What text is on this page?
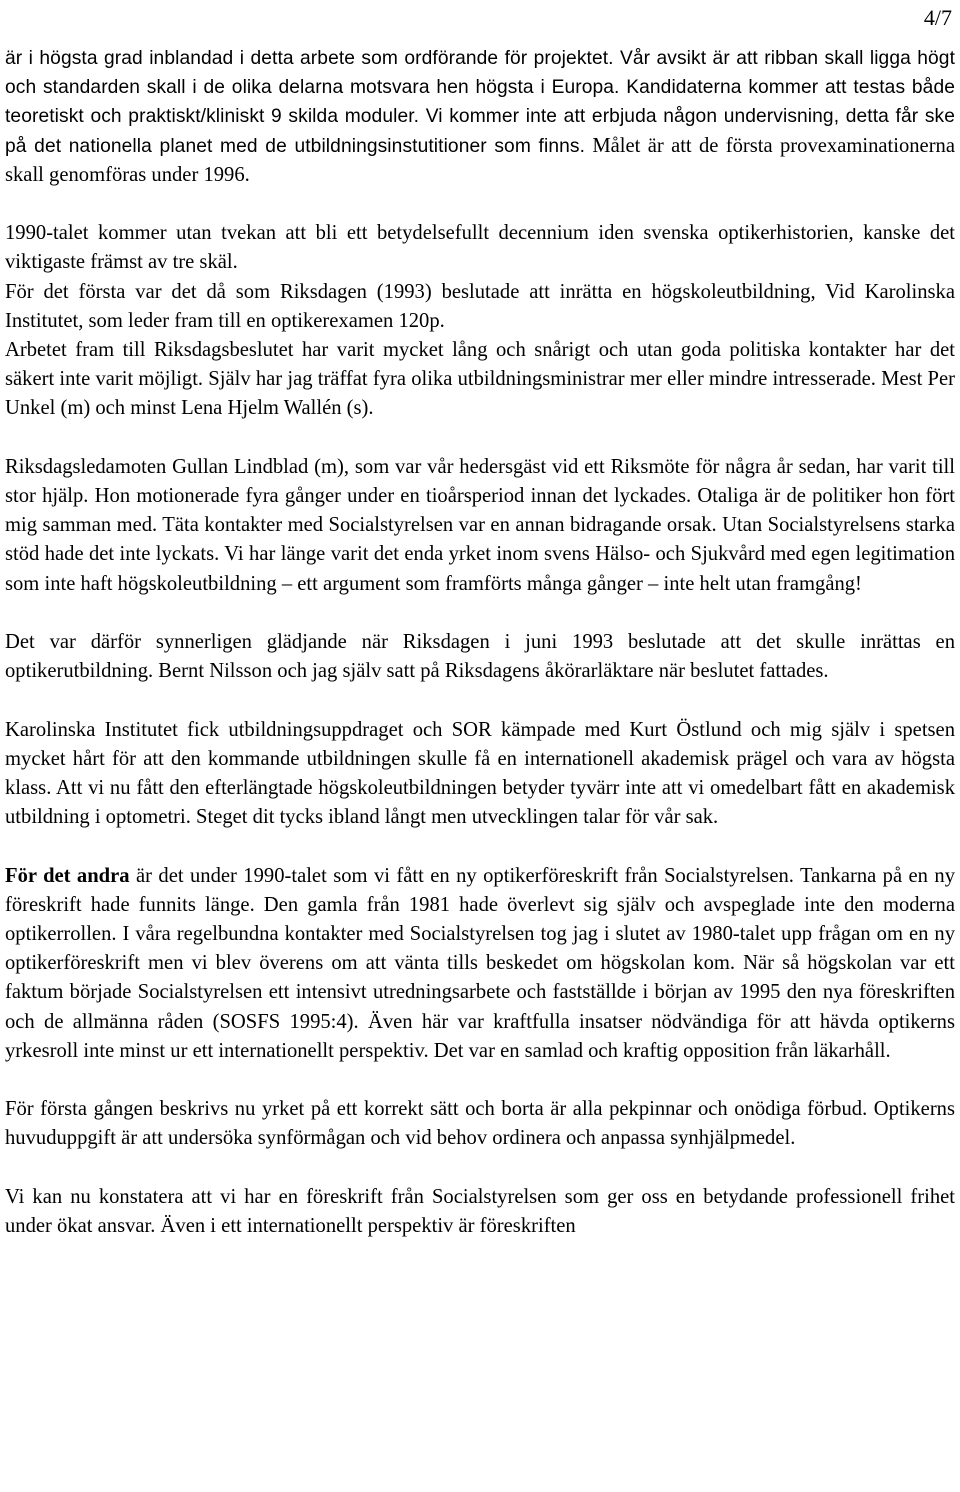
4/7

är i högsta grad inblandad i detta arbete som ordförande för projektet. Vår avsikt är att ribban skall ligga högt och standarden skall i de olika delarna motsvara hen högsta i Europa. Kandidaterna kommer att testas både teoretiskt och praktiskt/kliniskt 9 skilda moduler. Vi kommer inte att erbjuda någon undervisning, detta får ske på det nationella planet med de utbildningsinstutitioner som finns. Målet är att de första provexaminationerna skall genomföras under 1996.

1990-talet kommer utan tvekan att bli ett betydelsefullt decennium iden svenska optikerhistorien, kanske det viktigaste främst av tre skäl.

För det första var det då som Riksdagen (1993) beslutade att inrätta en högskoleutbildning, Vid Karolinska Institutet, som leder fram till en optikerexamen 120p.

Arbetet fram till Riksdagsbeslutet har varit mycket lång och snårigt och utan goda politiska kontakter har det säkert inte varit möjligt. Själv har jag träffat fyra olika utbildningsministrar mer eller mindre intresserade. Mest Per Unkel (m) och minst Lena Hjelm Wallén (s).

Riksdagsledamoten Gullan Lindblad (m), som var vår hedersgäst vid ett Riksmöte för några år sedan, har varit till stor hjälp. Hon motionerade fyra gånger under en tioårsperiod innan det lyckades. Otaliga är de politiker hon fört mig samman med. Täta kontakter med Socialstyrelsen var en annan bidragande orsak. Utan Socialstyrelsens starka stöd hade det inte lyckats. Vi har länge varit det enda yrket inom svens Hälso- och Sjukvård med egen legitimation som inte haft högskoleutbildning – ett argument som framförts många gånger – inte helt utan framgång!

Det var därför synnerligen glädjande när Riksdagen i juni 1993 beslutade att det skulle inrättas en optikerutbildning. Bernt Nilsson och jag själv satt på Riksdagens åkörarläktare när beslutet fattades.

Karolinska Institutet fick utbildningsuppdraget och SOR kämpade med Kurt Östlund och mig själv i spetsen mycket hårt för att den kommande utbildningen skulle få en internationell akademisk prägel och vara av högsta klass. Att vi nu fått den efterlängtade högskoleutbildningen betyder tyvärr inte att vi omedelbart fått en akademisk utbildning i optometri. Steget dit tycks ibland långt men utvecklingen talar för vår sak.

För det andra är det under 1990-talet som vi fått en ny optikerföreskrift från Socialstyrelsen. Tankarna på en ny föreskrift hade funnits länge. Den gamla från 1981 hade överlevt sig själv och avspeglade inte den moderna optikerrollen. I våra regelbundna kontakter med Socialstyrelsen tog jag i slutet av 1980-talet upp frågan om en ny optikerföreskrift men vi blev överens om att vänta tills beskedet om högskolan kom. När så högskolan var ett faktum började Socialstyrelsen ett intensivt utredningsarbete och fastställde i början av 1995 den nya föreskriften och de allmänna råden (SOSFS 1995:4). Även här var kraftfulla insatser nödvändiga för att hävda optikerns yrkesroll inte minst ur ett internationellt perspektiv. Det var en samlad och kraftig opposition från läkarhåll.

För första gången beskrivs nu yrket på ett korrekt sätt och borta är alla pekpinnar och onödiga förbud. Optikerns huvuduppgift är att undersöka synförmågan och vid behov ordinera och anpassa synhjälpmedel.

Vi kan nu konstatera att vi har en föreskrift från Socialstyrelsen som ger oss en betydande professionell frihet under ökat ansvar. Även i ett internationellt perspektiv är föreskriften
